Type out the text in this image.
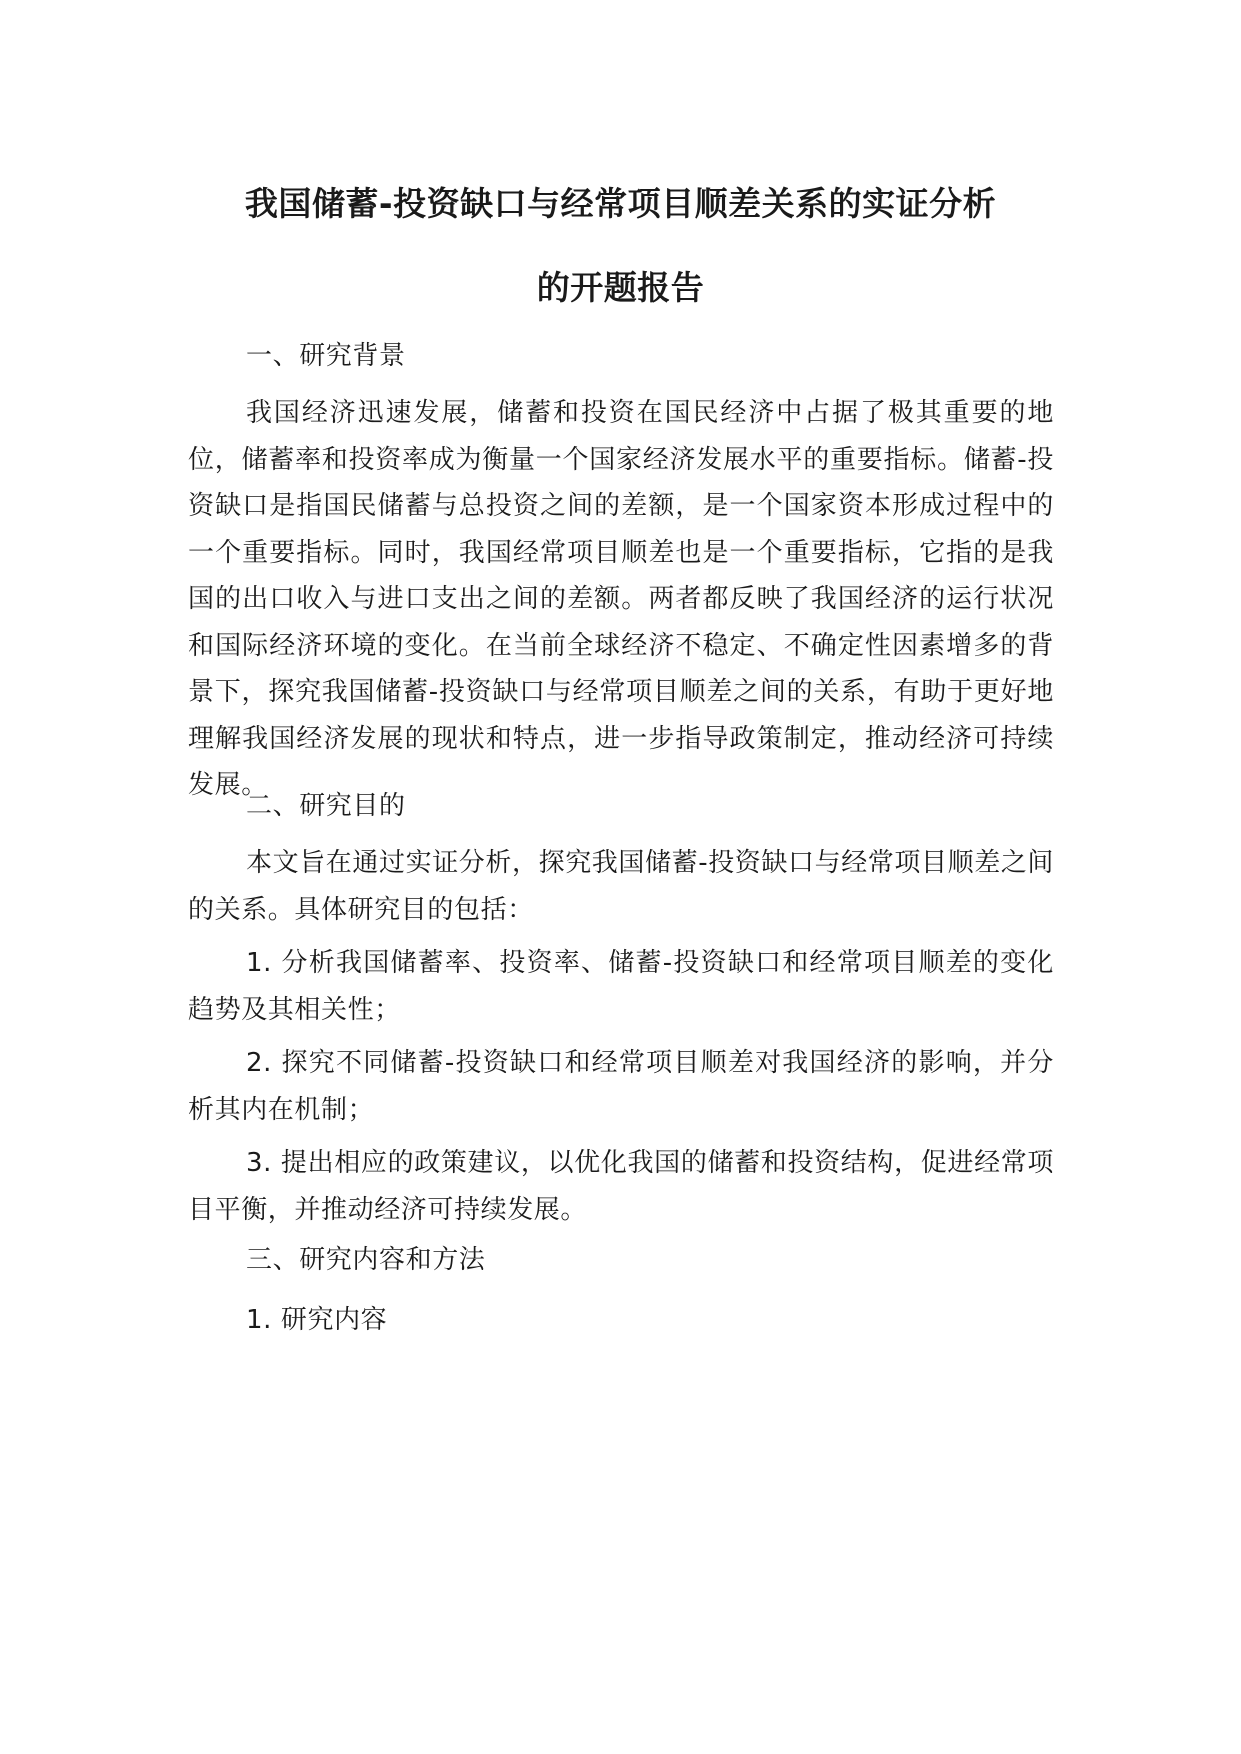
我国储蓄-投资缺口与经常项目顺差关系的实证分析
的开题报告
一、研究背景
我国经济迅速发展，储蓄和投资在国民经济中占据了极其重要的地位，储蓄率和投资率成为衡量一个国家经济发展水平的重要指标。储蓄-投资缺口是指国民储蓄与总投资之间的差额，是一个国家资本形成过程中的一个重要指标。同时，我国经常项目顺差也是一个重要指标，它指的是我国的出口收入与进口支出之间的差额。两者都反映了我国经济的运行状况和国际经济环境的变化。在当前全球经济不稳定、不确定性因素增多的背景下，探究我国储蓄-投资缺口与经常项目顺差之间的关系，有助于更好地理解我国经济发展的现状和特点，进一步指导政策制定，推动经济可持续发展。
二、研究目的
本文旨在通过实证分析，探究我国储蓄-投资缺口与经常项目顺差之间的关系。具体研究目的包括：
1. 分析我国储蓄率、投资率、储蓄-投资缺口和经常项目顺差的变化趋势及其相关性；
2. 探究不同储蓄-投资缺口和经常项目顺差对我国经济的影响，并分析其内在机制；
3. 提出相应的政策建议，以优化我国的储蓄和投资结构，促进经常项目平衡，并推动经济可持续发展。
三、研究内容和方法
1. 研究内容
